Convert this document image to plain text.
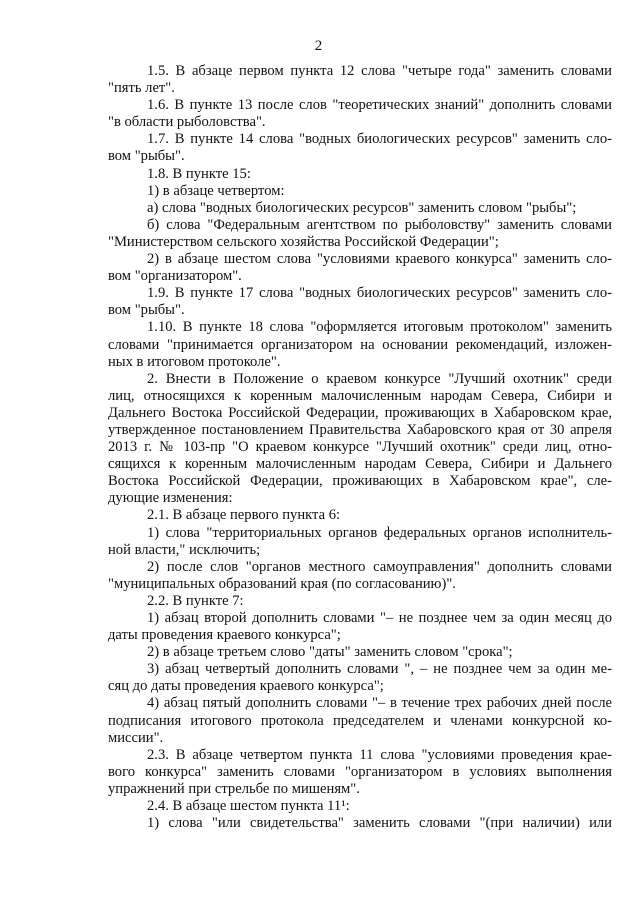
2
1.5. В абзаце первом пункта 12 слова "четыре года" заменить словами
"пять лет".
1.6. В пункте 13 после слов "теоретических знаний" дополнить словами
"в области рыболовства".
1.7. В пункте 14 слова "водных биологических ресурсов" заменить сло-
вом "рыбы".
1.8. В пункте 15:
1) в абзаце четвертом:
а) слова "водных биологических ресурсов" заменить словом "рыбы";
б) слова "Федеральным агентством по рыболовству" заменить словами
"Министерством сельского хозяйства Российской Федерации";
2) в абзаце шестом слова "условиями краевого конкурса" заменить сло-
вом "организатором".
1.9. В пункте 17 слова "водных биологических ресурсов" заменить сло-
вом "рыбы".
1.10. В пункте 18 слова "оформляется итоговым протоколом" заменить
словами "принимается организатором на основании рекомендаций, изложен-
ных в итоговом протоколе".
2. Внести в Положение о краевом конкурсе "Лучший охотник" среди
лиц, относящихся к коренным малочисленным народам Севера, Сибири и
Дальнего Востока Российской Федерации, проживающих в Хабаровском крае,
утвержденное постановлением Правительства Хабаровского края от 30 апреля
2013 г. № 103-пр "О краевом конкурсе "Лучший охотник" среди лиц, отно-
сящихся к коренным малочисленным народам Севера, Сибири и Дальнего
Востока Российской Федерации, проживающих в Хабаровском крае", сле-
дующие изменения:
2.1. В абзаце первого пункта 6:
1) слова "территориальных органов федеральных органов исполнитель-
ной власти," исключить;
2) после слов "органов местного самоуправления" дополнить словами
"муниципальных образований края (по согласованию)".
2.2. В пункте 7:
1) абзац второй дополнить словами "– не позднее чем за один месяц до
даты проведения краевого конкурса";
2) в абзаце третьем слово "даты" заменить словом "срока";
3) абзац четвертый дополнить словами ", – не позднее чем за один ме-
сяц до даты проведения краевого конкурса";
4) абзац пятый дополнить словами "– в течение трех рабочих дней после
подписания итогового протокола председателем и членами конкурсной ко-
миссии".
2.3. В абзаце четвертом пункта 11 слова "условиями проведения крае-
вого конкурса" заменить словами "организатором в условиях выполнения
упражнений при стрельбе по мишеням".
2.4. В абзаце шестом пункта 11¹:
1) слова "или свидетельства" заменить словами "(при наличии) или
